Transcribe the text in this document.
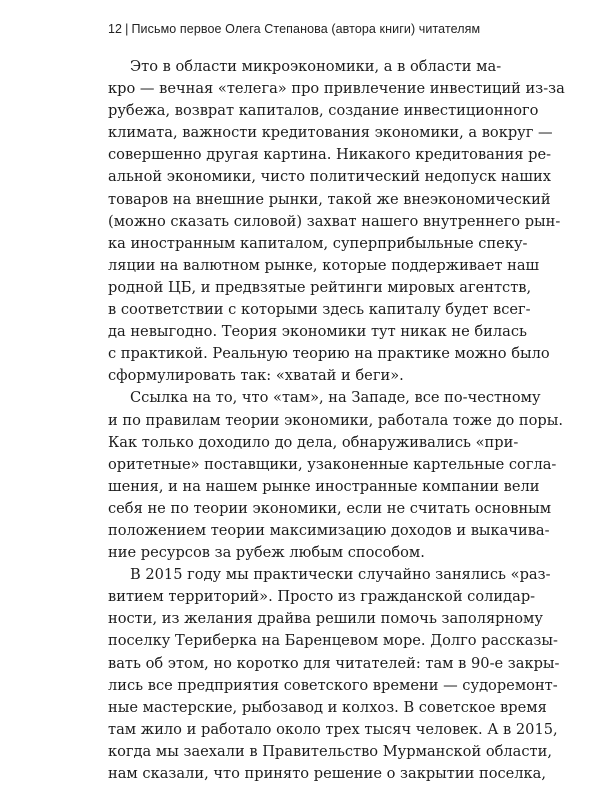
12 | Письмо первое Олега Степанова (автора книги) читателям
Это в области микроэкономики, а в области ма-
кро — вечная «телега» про привлечение инвестиций из-за
рубежа, возврат капиталов, создание инвестиционного
климата, важности кредитования экономики, а вокруг —
совершенно другая картина. Никакого кредитования ре-
альной экономики, чисто политический недопуск наших
товаров на внешние рынки, такой же внеэкономический
(можно сказать силовой) захват нашего внутреннего рын-
ка иностранным капиталом, суперприбыльные спеку-
ляции на валютном рынке, которые поддерживает наш
родной ЦБ, и предвзятые рейтинги мировых агентств,
в соответствии с которыми здесь капиталу будет всег-
да невыгодно. Теория экономики тут никак не билась
с практикой. Реальную теорию на практике можно было
сформулировать так: «хватай и беги».
Ссылка на то, что «там», на Западе, все по-честному
и по правилам теории экономики, работала тоже до поры.
Как только доходило до дела, обнаруживались «при-
оритетные» поставщики, узаконенные картельные согла-
шения, и на нашем рынке иностранные компании вели
себя не по теории экономики, если не считать основным
положением теории максимизацию доходов и выкачива-
ние ресурсов за рубеж любым способом.
В 2015 году мы практически случайно занялись «раз-
витием территорий». Просто из гражданской солидар-
ности, из желания драйва решили помочь заполярному
поселку Териберка на Баренцевом море. Долго рассказы-
вать об этом, но коротко для читателей: там в 90-е закры-
лись все предприятия советского времени — судоремонт-
ные мастерские, рыбозавод и колхоз. В советское время
там жило и работало около трех тысяч человек. А в 2015,
когда мы заехали в Правительство Мурманской области,
нам сказали, что принято решение о закрытии поселка,
